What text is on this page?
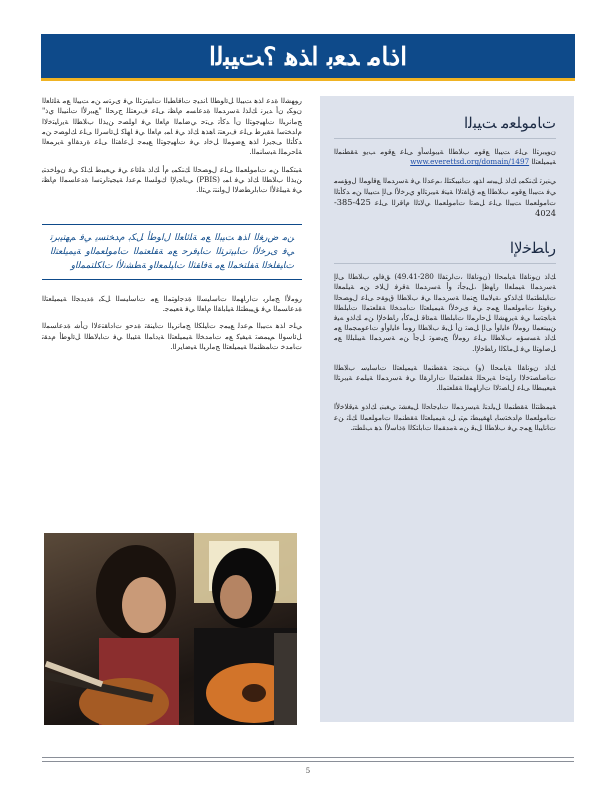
ﺍﺫﺎﻣ ﺪﻌﺑ ﺍﺬﻫ ؟ﺖﻴﺒﻟﺍ

ﺭﻮﻬﺸﻟﺍ ﺓﺪﻋ ﺍﺬﻫ ﺖﻴﺒﻟﺍ ﻞﺋﺍﻮﻄﻟﺍ ﺎﻧﺪﻴﺟ ﺕﺎﻗﺎﻄﺒﻟﺍ ﺕﺎﺒﻴﺗﺮﺘﻟﺍ ﻲﻓ ﻯﺮﺘﺳ ﻦﻣ ﺖﻴﺒﻟﺍ ﻊﻣ ﺔﻠﺋﺎﻌﻟﺍ ﻥﻮﻜﻳ ﻥﺃ ﺪﻳﺮﻧ ﻚﻟﺬﻟ ﺔﺳﺭﺪﻤﻟﺍ ﺓﺪﻋﺎﺴﻣ ﻡﺎﻈﻧ ﻰﻠﻋ ﻑﺮﻌﺘﻠﻟ ﺝﺮﺤﻟﺍ "ﻊﻴﺑﺭﻷﺍ ﺕﺎﻨﻴﺒﻟﺍ ﻱﺫ" ﺞﻣﺎﻧﺮﺒﻟﺍ ﺕﺎﻬﻴﺟﻮﺘﻟﺍ ﻥﺃ ﺪﻛﺄﺗ ﻰﺘﺣ ﻲﺿﺎﻤﻟﺍ ﻡﺎﻌﻟﺍ ﻲﻓ ﺍﻮﻠﺼﺣ ﻦﻳﺬﻟﺍ ﺏﻼﻄﻟﺍ ﺔﻳﺭﺎﻴﺘﺧﻻﺍ ﻡﺍﺪﺨﺘﺳﺍ ﺔﻘﻳﺮﻃ ﻰﻠﻋ ﻑﺮﻌﺘﺗ ﺎﻫﺬﻫ ﻚﻟﺫ ﻲﻓ ﺎﻤﺑ ﻡﺎﻌﻟﺍ ﻲﻓ ﺎﻬﻠﻛ ﻞﺋﺎﺳﺮﻟﺍ ﻰﻠﻋ ﻚﻟﻮﺼﺣ ﻦﻣ ﺪﻛﺄﺘﻟﺍ ﻰﺠﻳﺮﻟ ﺍﺬﻫ ﻊﺿﻮﻤﻟﺍ ﻞﺧﺍﺩ ﻲﻓ ﺕﺎﻬﻴﺟﻮﺘﻟﺍ ﻊﻴﻤﺟ ﻞﻋﺎﻔﺘﻟﺍ ﻰﻠﻋ ﺓﺭﺪﻘﻟﺍﻭ ﺔﻳﺮﻤﻌﻟﺍ ﺔﻠﺣﺮﻤﻠﻟ ﺔﺒﺳﺎﻨﻤﻟﺍ.

ﺔﺒﺘﻜﻤﻟﺍ ﻦﻣ ﺕﺎﻣﻮﻠﻌﻤﻟﺍ ﻰﻠﻋ ﻝﻮﺼﺤﻟﺍ ﻚﻨﻜﻤﻳ ﻡﺃ ﻚﻟﺫ ﺔﻠﺋﺎﻋ ﻲﻓ ﻲﻌﻴﺒﻃ ﻚﻠﻛ ﻲﻓ ﻥﻮﻠﺧﺪﺘﻳ ﻦﻳﺬﻟﺍ ﺏﻼﻄﻟﺍ ﻚﻟﺫ ﻲﻓ ﺎﻤﺑ (PBIS) ﻲﺑﺎﺠﻳﻹﺍ ﻙﻮﻠﺴﻟﺍ ﻢﻋﺪﻟ ﺔﻴﺠﻴﺗﺍﺮﺘﺳﺍ ﺓﺪﻋﺎﺴﻤﻟﺍ ﻡﺎﻈﻧ ﻲﻓ ﺔﻴﺒﻠﻏﻷﺍ ﺕﺎﺑﺍﺮﻄﺿﻻﺍ ﻝﻭﺎﻨﺘﺗ ﻲﺘﻟﺍ.

ﻦﻣ ﺽﺭﻐﻟﺍ ﺍﺬﻫ ﺖﻴﺒﻟﺍ ﻊﻣ ﺔﻠﺋﺎﻌﻟﺍ ﻝﺍﻮﻃﺃ ﻞﻜﺑ ﻡﺪﺨﺘﺴﻳ ﻲﻓ ﻢﻬﺘﻴﺑﺮﺗ ﻲﻓ ﻯﺮﺧﻷﺍ ﺕﺎﺒﻴﺗﺮﺘﻟﺍ ﺕﺎﻴﻓﺮﺣ ﻊﻣ ﺔﻘﻠﻌﺘﻤﻟﺍ ﺕﺎﻣﻮﻠﻌﻤﻟﺍﻭ ﺔﻴﻤﻴﻠﻌﺘﻟﺍ ﺕﺎﻴﻔﻠﺨﻟﺍ ﺔﻔﻠﺘﺨﻤﻟﺍ ﻊﻣ ﺔﻓﺎﻘﺜﻟﺍ ﺕﺎﻴﻠﻤﻌﻟﺍﻭ ﺔﻄﺸﻧﻷﺍ ﺕﺎﻜﻠﺘﻤﻤﻟﺍﻭ

ﺭﻮﻣﻷﺍ ﺞﻣﺍﺮﺑ ﺕﺍﺭﺎﻬﻤﻟﺍ ﺕﺎﺳﺎﻴﺴﻟﺍ ﺓﺪﺟﺍﻮﺘﻤﻟﺍ ﻊﻣ ﺕﺎﺳﺎﻴﺴﻟﺍ ﻞﻜﺑ ﺓﺪﻳﺪﺠﻟﺍ ﺔﻴﻤﻴﻠﻌﺘﻟﺍ ﺓﺪﻋﺎﺴﻤﻟﺍ ﻲﻓ ﻖﻴﺒﻄﺘﻠﻟ ﺔﻴﻠﺑﺎﻘﻟﺍ ﻡﺎﻌﻟﺍ ﻲﻓ ﺔﻌﻴﻤﺟ.

ﻲﻠﺣ ﺍﺬﻫ ﺖﻴﺒﻟﺍ ﻢﻋﺪﻟ ﻊﻴﻤﺟ ﺕﺎﻴﻠﻜﻟﺍ ﺞﻣﺎﻧﺮﺒﻟﺍ ﺕﺎﻴﻨﻘﺗ ﺓﺪﺣﻭ ﺕﺍﺩﺎﻘﺘﻋﻻﺍ ﻥﺄﺷ ﺓﺪﻋﺎﺴﻤﻟﺍ ﻞﺋﺎﺳﻮﻟﺍ ﻢﻴﻤﺼﺗ ﺔﻴﻔﻴﻛ ﻊﻣ ﺕﺎﻣﺪﺨﻟﺍ ﺔﻴﻤﻴﻠﻌﺘﻟﺍ ﺔﻳﺩﺎﻤﻟﺍ ﺔﺌﻴﺒﻟﺍ ﻲﻓ ﺕﺎﺒﻟﺎﻄﻟﺍ ﻞﺋﺍﻮﻃﺃ ﻡﺪﻘﺗ ﺕﺎﻣﺪﺧ ﺕﺎﻤﻈﻨﻤﻟﺍ ﺔﻴﻤﻴﻠﻌﺘﻟﺍ ﺞﻣﺍﺮﺒﻟﺍ ﺔﻴﺿﺎﻳﺮﻟﺍ.

ﺕﺎﻣﻮﻠﻌﻣ ﺖﻴﺒﻟﺍ

ﻥﻮﻴﺑﺮﺘﻟﺍ ﻰﻠﻋ ﺖﻴﺒﻟﺍ ﻊﻗﻮﻣ ﺏﻼﻄﻟﺍ ﺔﻴﺑﻮﻠﺳﺃﻭ ﻰﻠﻋ ﻊﻗﻮﻣ ﺐﻳﻭ ﺔﻘﻄﻨﻤﻟﺍ ﺔﻴﻤﻴﻠﻌﺘﻟﺍ www.everettsd.org/domain/1497

ﻲﻨﻳﺮﺗ ﻚﻨﻜﻤﻳ ﻚﻟﺫ ﻞﻴﺒﺳ ﺍﺬﻬﺑ ﺕﺎﻨﻴﺒﻜﺘﻠﻟ ،ﻢﻋﺪﻟﺍ ﻲﻓ ﺔﺳﺭﺪﻤﻟﺍ ﻊﻗﺍﻮﻤﻟﺍ ﻝﻭﺆﺴﻣ ﻲﻓ ﺖﻴﺒﻟﺍ ﻊﻗﻮﻣ ﺏﻼﻄﻟﺍ ﻊﻣ ﻕﺎﻔﺗﻻﺍ ﺔﻴﻨﻓ ﺔﻴﺑﺮﺘﻟﺍﻭ ﻱﺮﺧﻷﺍ ﻰﻟﺇ ﺖﻴﺒﻟﺍ ﻦﻣ ﺪﻛﺄﺘﻟﺍ ﺕﺎﻣﻮﻠﻌﻤﻟﺍ ﺖﻴﺒﻟﺍ ﻰﻠﻋ ﻞﺼﺗﺍ ﺕﺎﻣﻮﻠﻌﻤﻟﺍ ﻲﻟﺎﺘﻟﺍ ﻡﺎﻗﺮﻟﺍ ﻰﻠﻋ 425-385-4024

ﺭﺎﻄﺧﻹﺍ

ﻚﻟﺫ ﻥﻮﻧﺎﻘﻟﺍ ﺔﻳﺎﻤﺤﻟﺍ (ﻥﻮﻧﺎﻘﻟﺍ ،ﺕﺍﺮﺘﻔﻟﺍ 280-49.41) ﻖﻓﺍﻮﻳ ﺏﻼﻄﻟﺍ ﻰﻟﺇ ﺔﺳﺭﺪﻤﻟﺍ ﺔﻴﻤﻠﻌﻟﺍ ﺭﺎﻬﻇﺇ ،ﻞﻴﺟﺄﺗ ﻭﺃ ﺔﺳﺭﺪﻤﻟﺍ ﺔﻗﺮﻓ ﻝﻼﺧ ﻦﻣ ﺔﻴﻠﻤﻌﻟﺍ ﺕﺎﺒﻠﻄﺘﻤﻟﺍ ﻚﻟﺬﻛﻭ ،ﺔﻴﻟﺎﻤﻟﺍ ﺢﻨﻤﻟﺍ ﺔﺳﺭﺪﻤﻟﺍ ﻲﻓ ﺏﻼﻄﻟﺍ ﻕﻮﻘﺣ ﻰﻠﻋ ﻝﻮﺼﺤﻟﺍ ﺮﻴﻓﻮﺘﻟ ﺕﺎﻣﻮﻠﻌﻤﻟﺍ ﻊﻤﺟ ﻲﻓ ﻯﺮﺧﻷﺍ ﺔﻴﻤﻴﻠﻌﺘﻟﺍ ﺕﺎﻣﺪﺨﻟﺍ ﺔﻘﻠﻌﺘﻤﻟﺍ ﺕﺎﺒﻠﻄﻟﺍ ﺔﺑﺎﺠﺘﺳﺍ ﻲﻓ ﺔﻳﺮﻬﺸﻟﺍ ﻞﺣﺍﺮﻤﻟﺍ ﺕﺎﺒﻠﻄﻟﺍ ﺔﻤﺋﺎﻗ ﻞﻤﻛﺄﺑ ﺭﺎﻄﺧﻹﺍ ﻦﻣ ﻚﻟﺫﻭ ﻪﻴﻓ ﻦﻴﻴﻨﻌﻤﻟﺍ ﺭﻮﻣﻷﺍ ﺀﺎﻴﻟﻭﺃ ﻰﻟﺇ ﻞﺼﺗ ﻥﺃ ﻞﺒﻗ ﺏﻼﻄﻟﺍ ﺭﻮﻣﺃ ﺀﺎﻴﻟﻭﺃﻭ ﺕﺎﻋﻮﻤﺠﻤﻟﺍ ﻊﻣ ﻚﻟﺫ ﺔﺴﺳﺆﻣ ﺏﻼﻄﻟﺍ ﻰﻠﻋ ﺭﻮﻣﻷﺍ ﺢﻴﺿﻮﺗ ﻞﺟﺃ ﻦﻣ ﺔﺳﺭﺪﻤﻟﺍ ﺔﻴﺒﻠﺒﻠﻟﺍ ﻊﻣ ﻞﺻﺍﻮﺘﻟﺍ ﻲﻓ ﻞﻣﺎﻜﻟﺍ ﺭﺎﻄﺧﻹﺍ.

ﻚﻟﺫ ﻥﻮﻧﺎﻘﻟﺍ ﺔﻳﺎﻤﺤﻟﺍ (ﻭ) ﺐﻨﺠﺗ ﺔﻘﻄﻨﻤﻟﺍ ﺔﻴﻤﻴﻠﻌﺘﻟﺍ ﺕﺎﺳﺎﻴﺳ ﺏﻼﻄﻟﺍ ﺕﺎﺻﺎﺼﺘﺧﻻﺍ ﺭﺎﻴﺘﺧﺍ ﺔﻳﺮﺤﻠﻟ ﺔﻘﻠﻌﺘﻤﻟﺍ ﺕﺍﺭﺍﺮﻘﻟﺍ ﻲﻓ ﺔﺳﺭﺪﻤﻟﺍ ﺔﻴﻠﻤﻋ ﺔﻴﺑﺮﺘﻟﺍ ﺔﻴﻌﻴﺒﻄﻟﺍ ﻰﻠﻋ ﻝﺎﺼﺗﻻﺍ ﺕﺍﺭﺎﻬﻤﻟﺍ ﺔﻘﻠﻌﺘﻤﻟﺍ.

ﺔﻴﻤﻈﻨﺘﻟﺍ ﺔﻘﻄﻨﻤﻟﺍ ﻞﻴﻟﺪﺘﻟ ﺔﻴﺳﺭﺪﻤﻟﺍ ﺕﺎﻴﺟﺎﺤﻟﺍ ﻞﻴﻐﺸﺗ ﻲﻐﺒﻨﻳ ﻚﻟﺫﻭ ﺔﻴﻗﻼﺧﻷﺍ ﺕﺎﻣﻮﻠﻌﻤﻟﺍ ﻡﺍﺪﺨﺘﺳﺎﺑ ﺎﻬﻘﻴﺒﻄﺗ ﻢﺘﻳ ﻞﺑ ﺔﻴﻤﻴﻠﻌﺘﻟﺍ ﺔﻘﻄﻨﻤﻟﺍ ﺕﺎﻣﻮﻠﻌﻤﻟﺍ ﻚﻠﺗ ﻦﻋ ﺕﺎﻧﺎﻴﺒﻟﺍ ﻊﻤﺟ ﻲﻓ ﺏﻼﻄﻟﺍ ﻞﺒﻗ ﻦﻣ ﺔﻣﺪﻘﻤﻟﺍ ﺕﺎﺑﺎﺘﻜﻟﺍ ﺓﺫﺎﺳﻷﺍ ﺬﻫ ﺐﻠﻄﺘﺗ.

5
